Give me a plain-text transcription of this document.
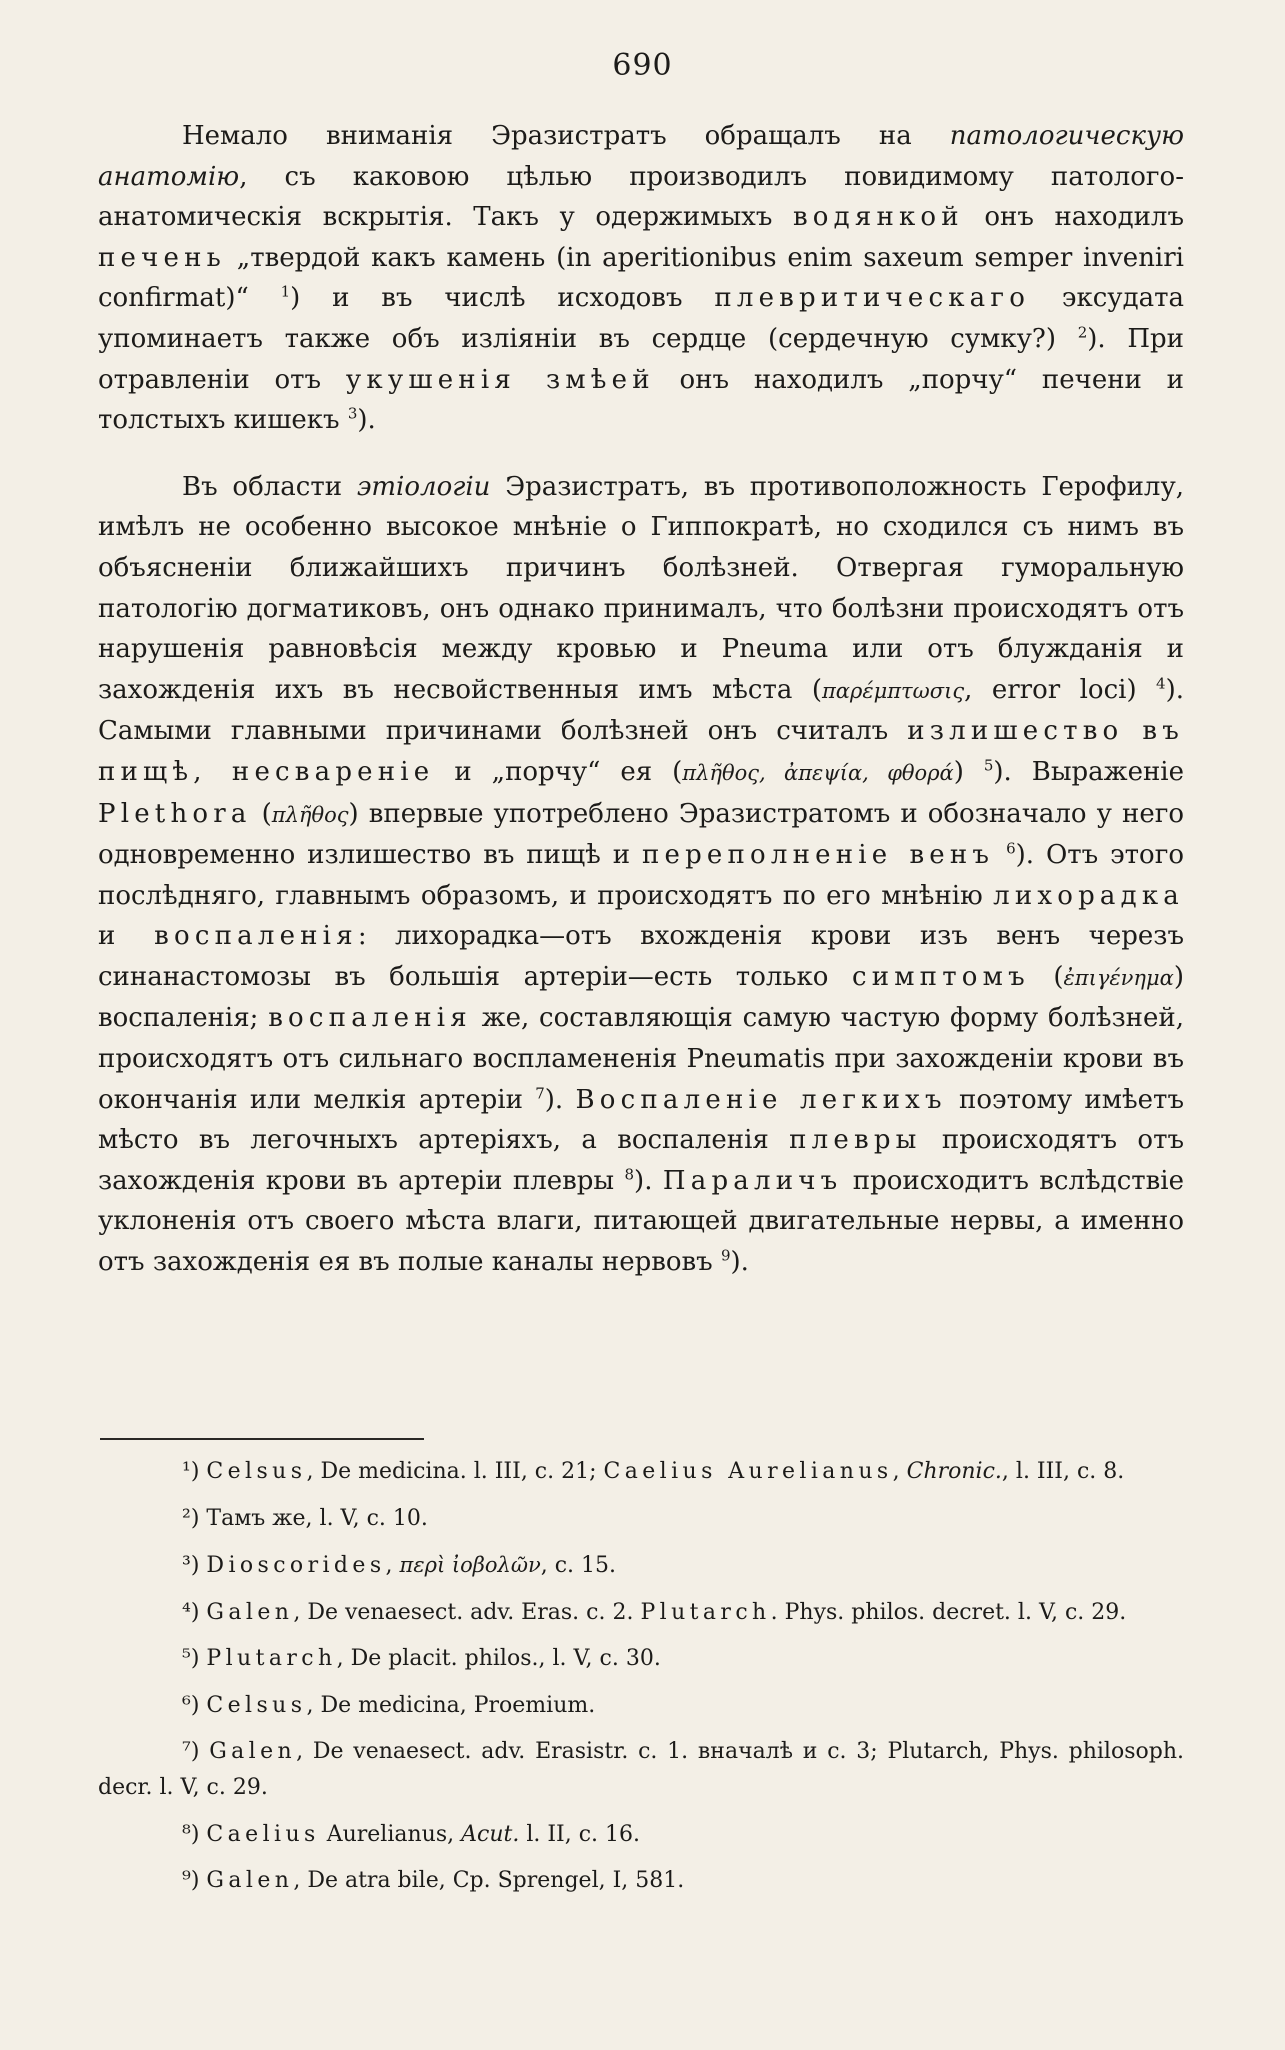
690

Немало вниманія Эразистратъ обращалъ на патологическую анатомію, съ каковою цѣлью производилъ повидимому патолого-анатомическія вскрытія. Такъ у одержимыхъ водянкой онъ находилъ печень „твердой какъ камень (in aperitionibus enim saxeum semper inveniri confirmat)“ $^1$) и въ числѣ исходовъ плевритическаго эксудата упоминаетъ также объ изліяніи въ сердце (сердечную сумку?) $^2$). При отравленіи отъ укушенія змѣей онъ находилъ „порчу“ печени и толстыхъ кишекъ $^3$).

Въ области этіологіи Эразистратъ, въ противоположность Герофилу, имѣлъ не особенно высокое мнѣніе о Гиппократѣ, но сходился съ нимъ въ объясненіи ближайшихъ причинъ болѣзней. Отвергая гуморальную патологію догматиковъ, онъ однако принималъ, что болѣзни происходятъ отъ нарушенія равновѣсія между кровью и Pneuma или отъ блужданія и захожденія ихъ въ несвойственныя имъ мѣста (παρέμπτωσις, error loci) $^4$). Самыми главными причинами болѣзней онъ считалъ излишество въ пищѣ, несвареніе и „порчу“ ея (πλῆθος, ἀπεψία, φθορά) $^5$). Выраженіе Plethora (πλῆθος) впервые употреблено Эразистратомъ и обозначало у него одновременно излишество въ пищѣ и переполненіе венъ $^6$). Отъ этого послѣдняго, главнымъ образомъ, и происходятъ по его мнѣнію лихорадка и воспаленія: лихорадка—отъ вхожденія крови изъ венъ черезъ синанастомозы въ большія артеріи—есть только симптомъ (ἐπιγένημα) воспаленія; воспаленія же, составляющія самую частую форму болѣзней, происходятъ отъ сильнаго воспламененія Pneumatis при захожденіи крови въ окончанія или мелкія артеріи $^7$). Воспаленіе легкихъ поэтому имѣетъ мѣсто въ легочныхъ артеріяхъ, а воспаленія плевры происходятъ отъ захожденія крови въ артеріи плевры $^8$). Параличъ происходитъ вслѣдствіе уклоненія отъ своего мѣста влаги, питающей двигательные нервы, а именно отъ захожденія ея въ полые каналы нервовъ $^9$).

¹) Celsus, De medicina. l. III, c. 21; Caelius Aurelianus, Chronic., l. III, c. 8.

²) Тамъ же, l. V, c. 10.

³) Dioscorides, περὶ ἰοβολῶν, c. 15.

⁴) Galen, De venaesect. adv. Eras. c. 2. Plutarch. Phys. philos. decret. l. V, c. 29.

⁵) Plutarch, De placit. philos., l. V, c. 30.

⁶) Celsus, De medicina, Proemium.

⁷) Galen, De venaesect. adv. Erasistr. c. 1. вначалѣ и c. 3; Plutarch, Phys. philosoph. decr. l. V, c. 29.

⁸) Caelius Aurelianus, Acut. l. II, c. 16.

⁹) Galen, De atra bile, Cp. Sprengel, I, 581.
